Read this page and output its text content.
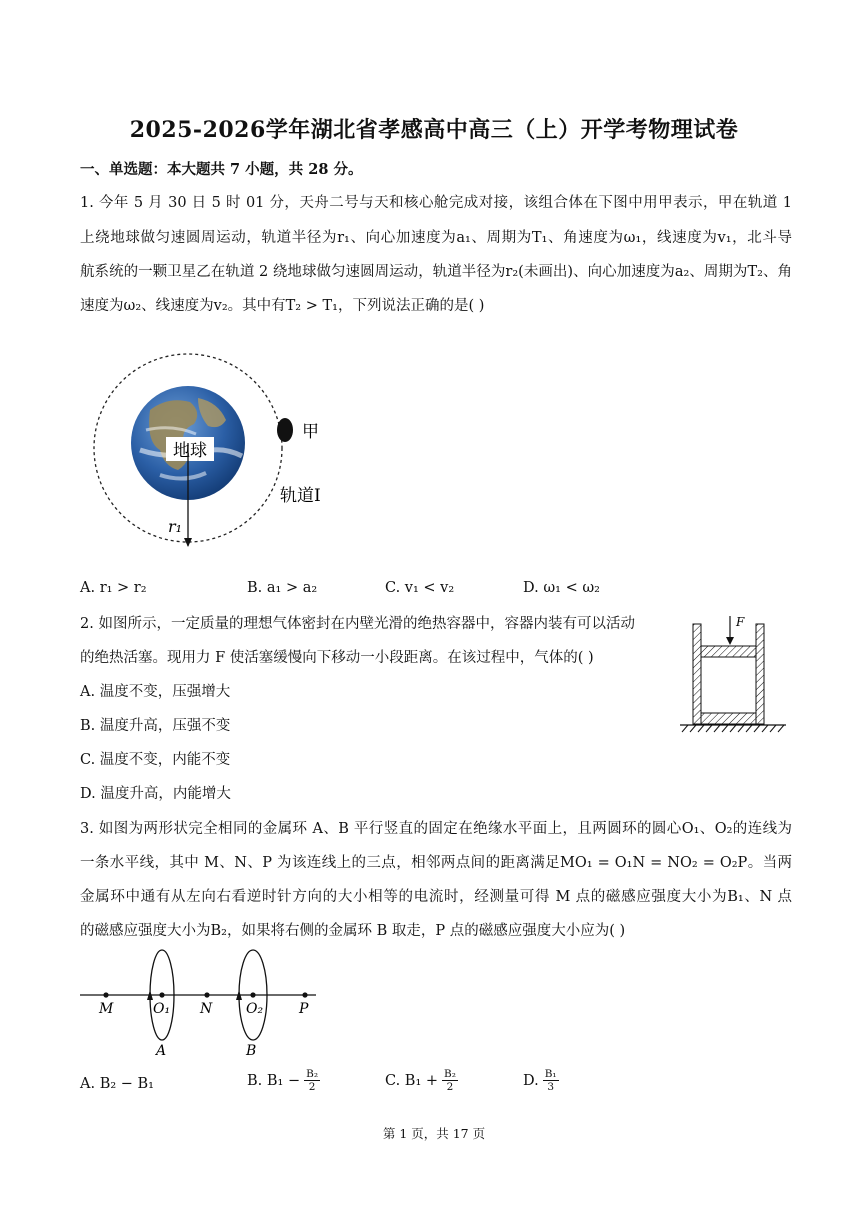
2025-2026学年湖北省孝感高中高三（上）开学考物理试卷
一、单选题：本大题共 7 小题，共 28 分。
1. 今年 5 月 30 日 5 时 01 分，天舟二号与天和核心舱完成对接，该组合体在下图中用甲表示，甲在轨道 1
上绕地球做匀速圆周运动，轨道半径为r₁、向心加速度为a₁、周期为T₁、角速度为ω₁，线速度为v₁，北斗导
航系统的一颗卫星乙在轨道 2 绕地球做匀速圆周运动，轨道半径为r₂(未画出)、向心加速度为a₂、周期为T₂、角
速度为ω₂、线速度为v₂。其中有T₂ > T₁，下列说法正确的是( )
地球
r₁
甲
轨道I
A. r₁ > r₂	B. a₁ > a₂	C. v₁ < v₂	D. ω₁ < ω₂
2. 如图所示，一定质量的理想气体密封在内壁光滑的绝热容器中，容器内装有可以活动
的绝热活塞。现用力 F 使活塞缓慢向下移动一小段距离。在该过程中，气体的( )
A. 温度不变，压强增大
B. 温度升高，压强不变
C. 温度不变，内能不变
D. 温度升高，内能增大
F
3. 如图为两形状完全相同的金属环 A、B 平行竖直的固定在绝缘水平面上，且两圆环的圆心O₁、O₂的连线为
一条水平线，其中 M、N、P 为该连线上的三点，相邻两点间的距离满足MO₁ = O₁N = NO₂ = O₂P。当两
金属环中通有从左向右看逆时针方向的大小相等的电流时，经测量可得 M 点的磁感应强度大小为B₁、N 点
的磁感应强度大小为B₂，如果将右侧的金属环 B 取走，P 点的磁感应强度大小应为( )
M	O₁ N O₂	P
A	B
A. B₂ − B₁	B. $B_1 - \frac{\text{B₂}}{2}$	C. $B_1 + \frac{\text{B₂}}{2}$	D. $\frac{\text{B₁}}{3}$
第 1 页，共 17 页
